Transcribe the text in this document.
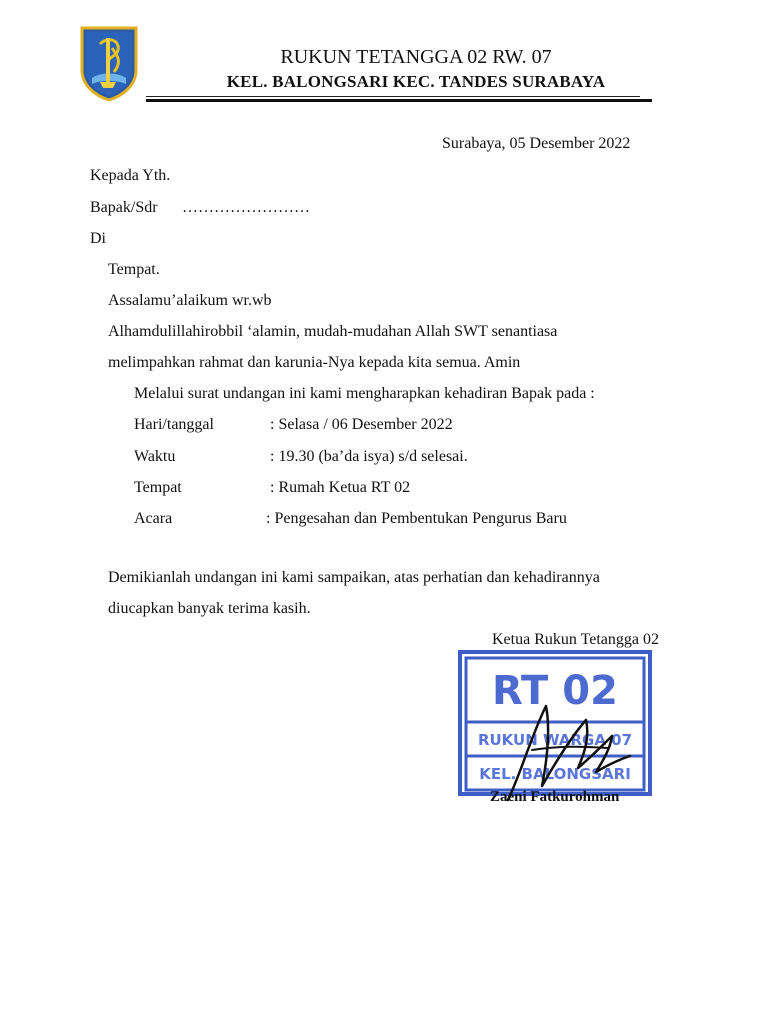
RUKUN TETANGGA 02 RW. 07
KEL. BALONGSARI KEC. TANDES SURABAYA
Surabaya, 05 Desember 2022
Kepada Yth.
Bapak/Sdr ……………………
Di
Tempat.
Assalamu’alaikum wr.wb
Alhamdulillahirobbil ‘alamin, mudah-mudahan Allah SWT senantiasa
melimpahkan rahmat dan karunia-Nya kepada kita semua. Amin
Melalui surat undangan ini kami mengharapkan kehadiran Bapak pada :
Hari/tanggal	: Selasa / 06 Desember 2022
Waktu	: 19.30 (ba’da isya) s/d selesai.
Tempat	: Rumah Ketua RT 02
Acara	: Pengesahan dan Pembentukan Pengurus Baru
Demikianlah undangan ini kami sampaikan, atas perhatian dan kehadirannya
diucapkan banyak terima kasih.
Ketua Rukun Tetangga 02
RT 02
RUKUN WARGA 07
KEL. BALONGSARI
Zaeni Fatkurohman
